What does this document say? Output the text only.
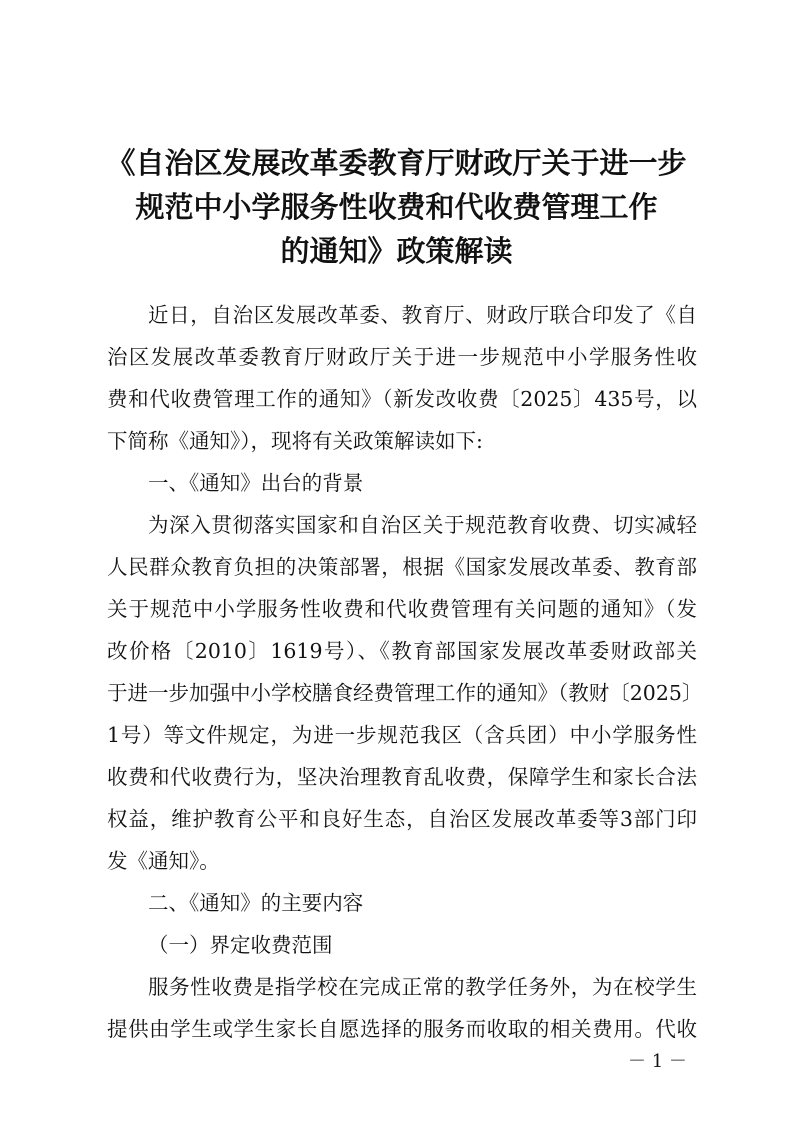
《自治区发展改革委教育厅财政厅关于进一步
规范中小学服务性收费和代收费管理工作
的通知》政策解读
近日，自治区发展改革委、教育厅、财政厅联合印发了《自
治区发展改革委教育厅财政厅关于进一步规范中小学服务性收
费和代收费管理工作的通知》（新发改收费〔2025〕435号，以
下简称《通知》），现将有关政策解读如下:
一、《通知》出台的背景
为深入贯彻落实国家和自治区关于规范教育收费、切实减轻
人民群众教育负担的决策部署，根据《国家发展改革委、教育部
关于规范中小学服务性收费和代收费管理有关问题的通知》（发
改价格〔2010〕1619号）、《教育部国家发展改革委财政部关
于进一步加强中小学校膳食经费管理工作的通知》（教财〔2025〕
1号）等文件规定，为进一步规范我区（含兵团）中小学服务性
收费和代收费行为，坚决治理教育乱收费，保障学生和家长合法
权益，维护教育公平和良好生态，自治区发展改革委等3部门印
发《通知》。
二、《通知》的主要内容
（一）界定收费范围
服务性收费是指学校在完成正常的教学任务外，为在校学生
提供由学生或学生家长自愿选择的服务而收取的相关费用。代收
－ 1 －
